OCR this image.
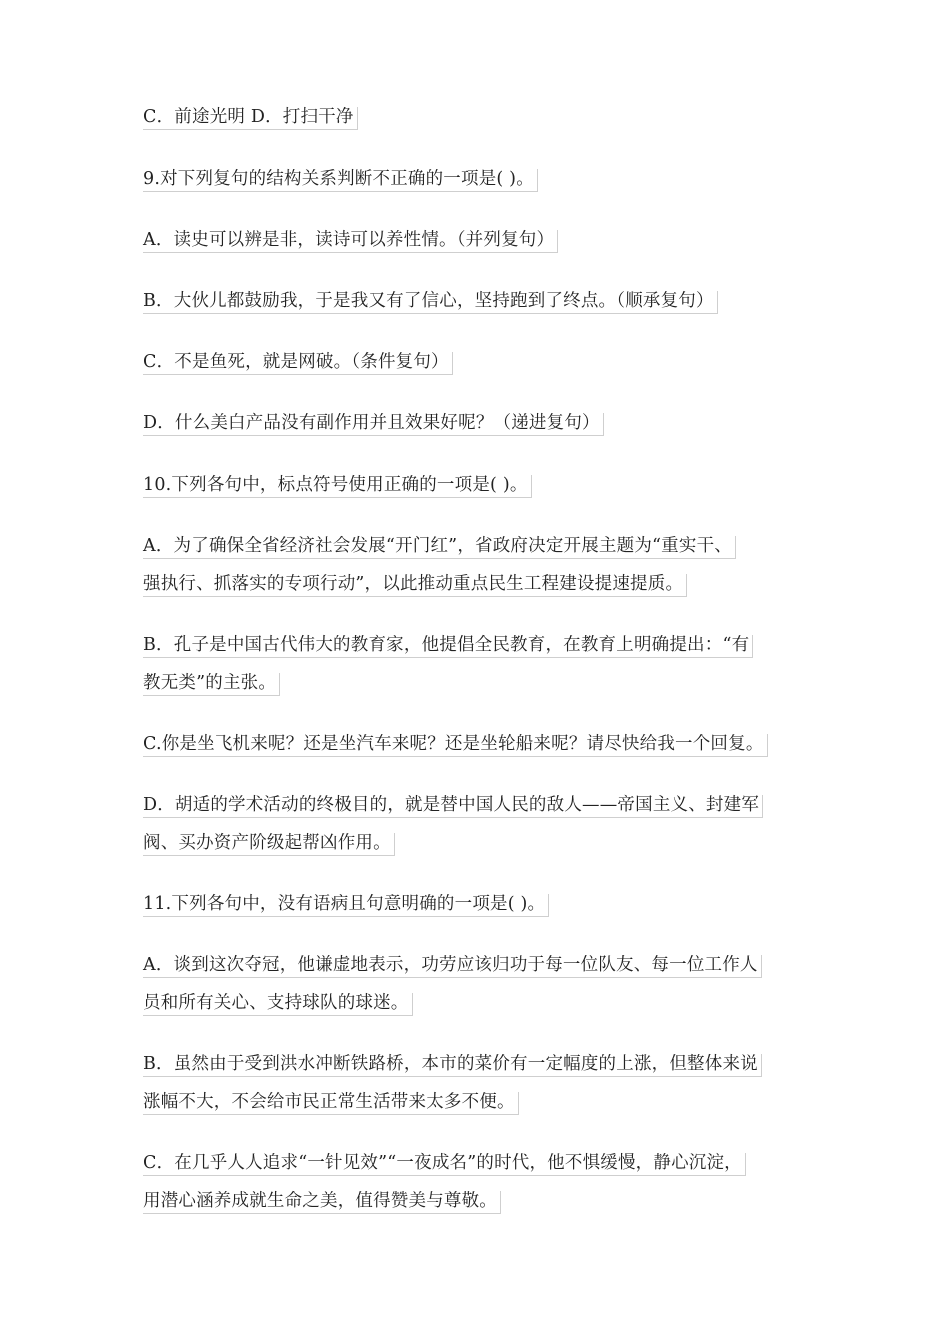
C．前途光明 D．打扫干净
9.对下列复句的结构关系判断不正确的一项是( )。
A．读史可以辨是非，读诗可以养性情。（并列复句）
B．大伙儿都鼓励我，于是我又有了信心，坚持跑到了终点。（顺承复句）
C．不是鱼死，就是网破。（条件复句）
D．什么美白产品没有副作用并且效果好呢？（递进复句）
10.下列各句中，标点符号使用正确的一项是( )。
A．为了确保全省经济社会发展“开门红”，省政府决定开展主题为“重实干、
强执行、抓落实的专项行动”，以此推动重点民生工程建设提速提质。
B．孔子是中国古代伟大的教育家，他提倡全民教育，在教育上明确提出：“有
教无类”的主张。
C.你是坐飞机来呢？还是坐汽车来呢？还是坐轮船来呢？请尽快给我一个回复。
D．胡适的学术活动的终极目的，就是替中国人民的敌人——帝国主义、封建军
阀、买办资产阶级起帮凶作用。
11.下列各句中，没有语病且句意明确的一项是( )。
A．谈到这次夺冠，他谦虚地表示，功劳应该归功于每一位队友、每一位工作人
员和所有关心、支持球队的球迷。
B．虽然由于受到洪水冲断铁路桥，本市的菜价有一定幅度的上涨，但整体来说
涨幅不大，不会给市民正常生活带来太多不便。
C．在几乎人人追求“一针见效”“一夜成名”的时代，他不惧缓慢，静心沉淀，
用潜心涵养成就生命之美，值得赞美与尊敬。
